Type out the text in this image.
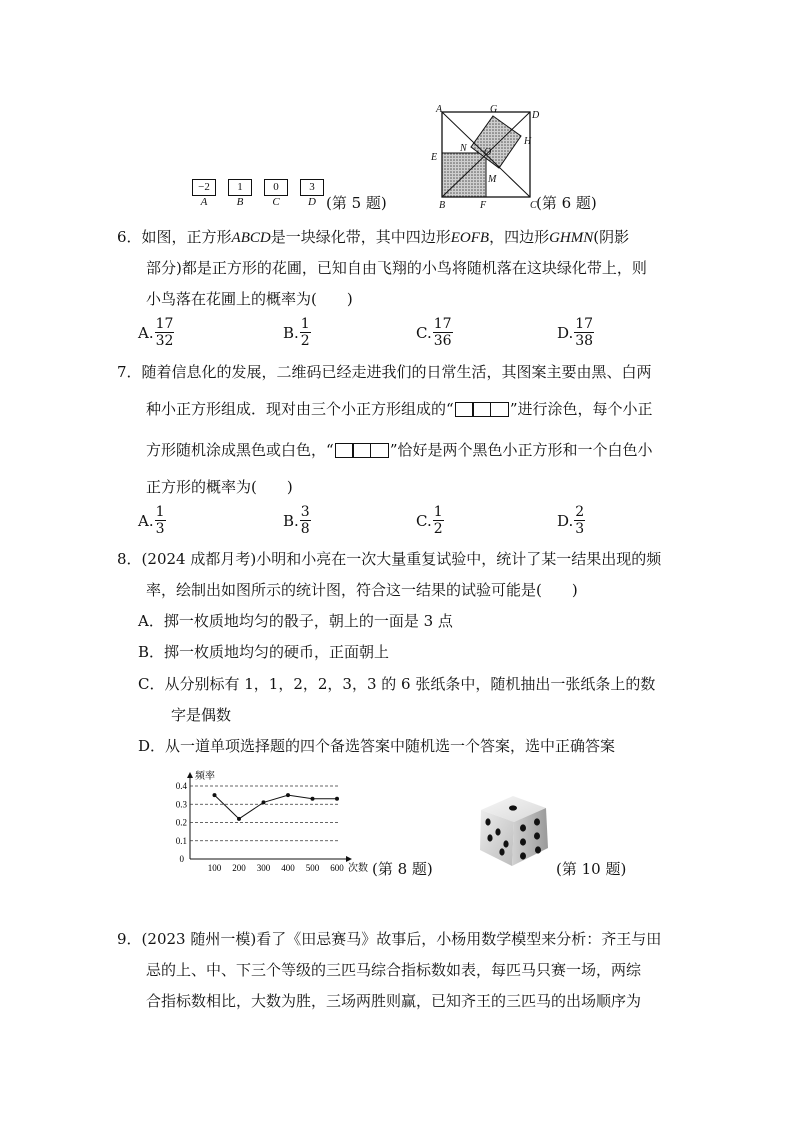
−2
A
1
B
0
C
3
D (第 5 题)
A	G
D
H
N O
E
M
B	F	C (第 6 题)
6．如图，正方形ABCD是一块绿化带，其中四边形EOFB，四边形GHMN(阴影
部分)都是正方形的花圃，已知自由飞翔的小鸟将随机落在这块绿化带上，则
小鸟落在花圃上的概率为(　　)
A. $\frac{17}{32}$	B. $\frac{1}{2}$	C. $\frac{17}{36}$	D. $\frac{17}{38}$
7．随着信息化的发展，二维码已经走进我们的日常生活，其图案主要由黑、白两
种小正方形组成．现对由三个小正方形组成的“	”进行涂色，每个小正
方形随机涂成黑色或白色，“	”恰好是两个黑色小正方形和一个白色小
正方形的概率为(　　)
A. $\frac{1}{3}$	B. $\frac{3}{8}$	C. $\frac{1}{2}$	D. $\frac{2}{3}$
8．(2024 成都月考)小明和小亮在一次大量重复试验中，统计了某一结果出现的频
率，绘制出如图所示的统计图，符合这一结果的试验可能是(　　)
A．掷一枚质地均匀的骰子，朝上的一面是 3 点
B．掷一枚质地均匀的硬币，正面朝上
C．从分别标有 1，1，2，2，3，3 的 6 张纸条中，随机抽出一张纸条上的数
字是偶数
D．从一道单项选择题的四个备选答案中随机选一个答案，选中正确答案
0.4
0.3
0.2
0.1
0
100 200 300 400 500 600
频率
次数 (第 8 题)	(第 10 题)
9．(2023 随州一模)看了《田忌赛马》故事后，小杨用数学模型来分析：齐王与田
忌的上、中、下三个等级的三匹马综合指标数如表，每匹马只赛一场，两综
合指标数相比，大数为胜，三场两胜则赢，已知齐王的三匹马的出场顺序为
